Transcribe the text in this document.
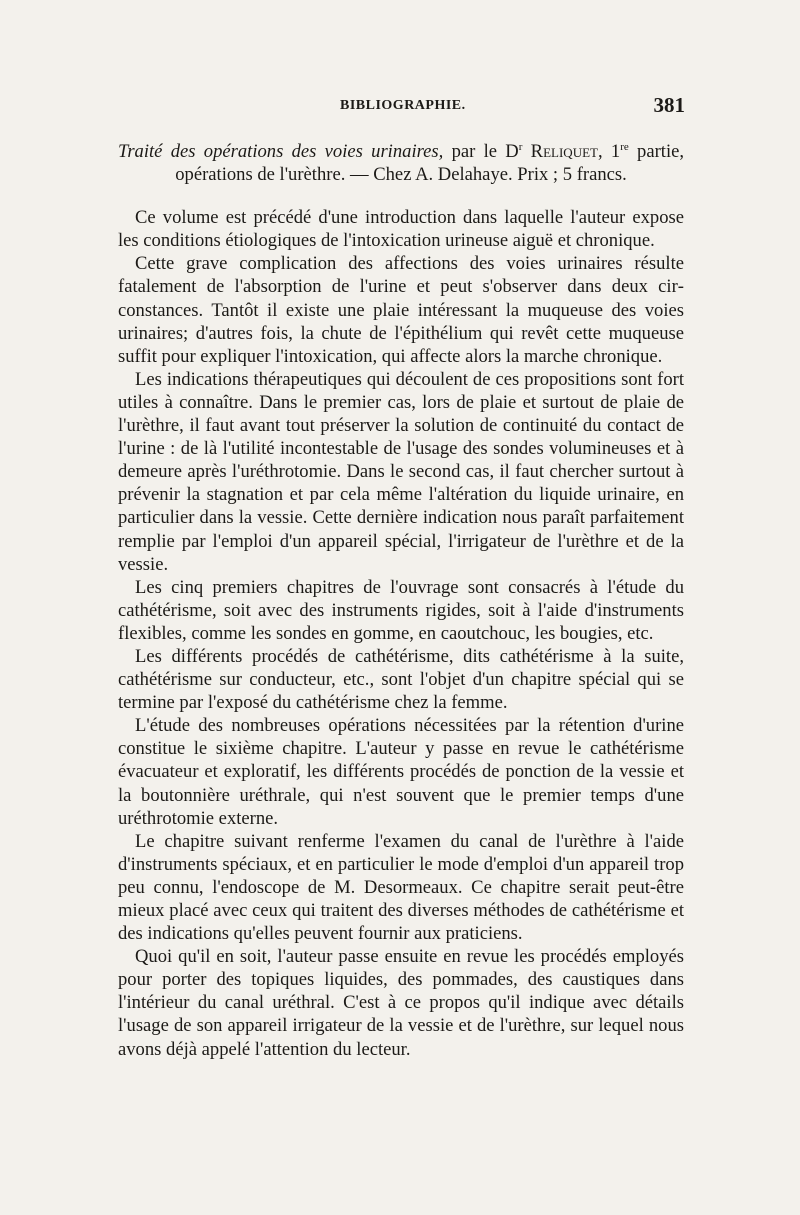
BIBLIOGRAPHIE.	381
Traité des opérations des voies urinaires, par le $D^r$ Reliquet, 1re partie, opérations de l'urèthre. — Chez A. Delahaye. Prix ; 5 francs.

Ce volume est précédé d'une introduction dans laquelle l'auteur expose les conditions étiologiques de l'intoxication urineuse aiguë et chronique.

Cette grave complication des affections des voies urinaires résulte fatalement de l'absorption de l'urine et peut s'observer dans deux circonstances. Tantôt il existe une plaie intéressant la muqueuse des voies urinaires; d'autres fois, la chute de l'épithélium qui revêt cette muqueuse suffit pour expliquer l'intoxication, qui affecte alors la marche chronique.

Les indications thérapeutiques qui découlent de ces propositions sont fort utiles à connaître. Dans le premier cas, lors de plaie et surtout de plaie de l'urèthre, il faut avant tout préserver la solution de continuité du contact de l'urine : de là l'utilité incontestable de l'usage des sondes volumineuses et à demeure après l'uréthrotomie. Dans le second cas, il faut chercher surtout à prévenir la stagnation et par cela même l'altération du liquide urinaire, en particulier dans la vessie. Cette dernière indication nous paraît parfaitement remplie par l'emploi d'un appareil spécial, l'irrigateur de l'urèthre et de la vessie.

Les cinq premiers chapitres de l'ouvrage sont consacrés à l'étude du cathétérisme, soit avec des instruments rigides, soit à l'aide d'instruments flexibles, comme les sondes en gomme, en caoutchouc, les bougies, etc.

Les différents procédés de cathétérisme, dits cathétérisme à la suite, cathétérisme sur conducteur, etc., sont l'objet d'un chapitre spécial qui se termine par l'exposé du cathétérisme chez la femme.

L'étude des nombreuses opérations nécessitées par la rétention d'urine constitue le sixième chapitre. L'auteur y passe en revue le cathétérisme évacuateur et exploratif, les différents procédés de ponction de la vessie et la boutonnière uréthrale, qui n'est souvent que le premier temps d'une uréthrotomie externe.

Le chapitre suivant renferme l'examen du canal de l'urèthre à l'aide d'instruments spéciaux, et en particulier le mode d'emploi d'un appareil trop peu connu, l'endoscope de M. Desormeaux. Ce chapitre serait peut-être mieux placé avec ceux qui traitent des diverses méthodes de cathétérisme et des indications qu'elles peuvent fournir aux praticiens.

Quoi qu'il en soit, l'auteur passe ensuite en revue les procédés employés pour porter des topiques liquides, des pommades, des caustiques dans l'intérieur du canal uréthral. C'est à ce propos qu'il indique avec détails l'usage de son appareil irrigateur de la vessie et de l'urèthre, sur lequel nous avons déjà appelé l'attention du lecteur.
